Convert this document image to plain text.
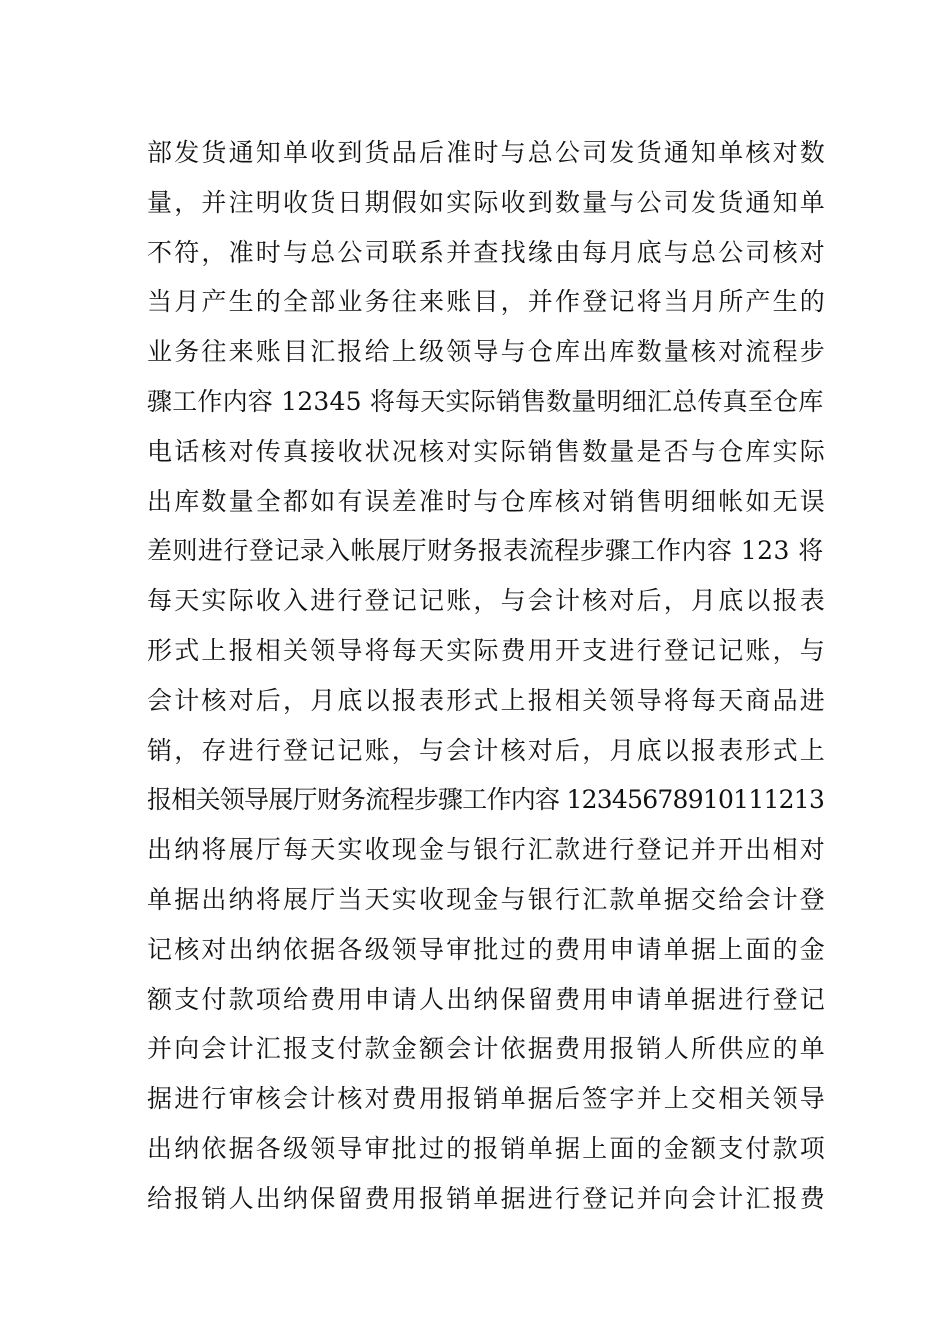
部发货通知单收到货品后准时与总公司发货通知单核对数
量，并注明收货日期假如实际收到数量与公司发货通知单
不符，准时与总公司联系并查找缘由每月底与总公司核对
当月产生的全部业务往来账目，并作登记将当月所产生的
业务往来账目汇报给上级领导与仓库出库数量核对流程步
骤工作内容 12345 将每天实际销售数量明细汇总传真至仓库
电话核对传真接收状况核对实际销售数量是否与仓库实际
出库数量全都如有误差准时与仓库核对销售明细帐如无误
差则进行登记录入帐展厅财务报表流程步骤工作内容 123 将
每天实际收入进行登记记账，与会计核对后，月底以报表
形式上报相关领导将每天实际费用开支进行登记记账，与
会计核对后，月底以报表形式上报相关领导将每天商品进
销，存进行登记记账，与会计核对后，月底以报表形式上
报相关领导展厅财务流程步骤工作内容 12345678910111213
出纳将展厅每天实收现金与银行汇款进行登记并开出相对
单据出纳将展厅当天实收现金与银行汇款单据交给会计登
记核对出纳依据各级领导审批过的费用申请单据上面的金
额支付款项给费用申请人出纳保留费用申请单据进行登记
并向会计汇报支付款金额会计依据费用报销人所供应的单
据进行审核会计核对费用报销单据后签字并上交相关领导
出纳依据各级领导审批过的报销单据上面的金额支付款项
给报销人出纳保留费用报销单据进行登记并向会计汇报费
